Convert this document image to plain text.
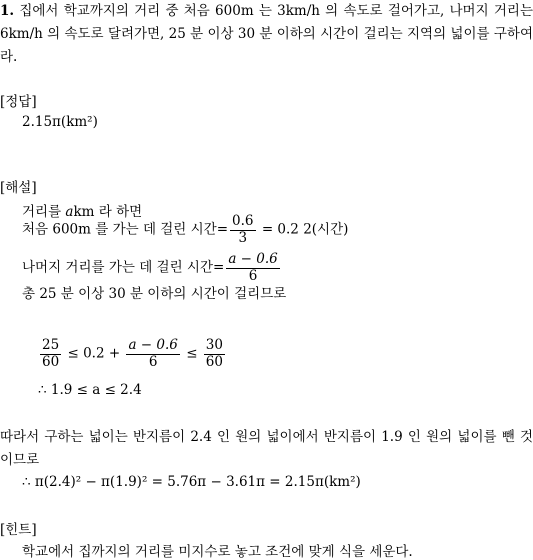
1. 집에서 학교까지의 거리 중 처음 600m 는 3km/h 의 속도로 걸어가고, 나머지 거리는 6km/h 의 속도로 달려가면, 25 분 이상 30 분 이하의 시간이 걸리는 지역의 넓이를 구하여라.
[정답]
2.15π(km²)
[해설]
거리를 akm 라 하면
처음 600m 를 가는 데 걸린 시간= $\frac{0.6}{3} = 0.2$ 2(시간)
나머지 거리를 가는 데 걸린 시간= $\frac{a - 0.6}{6}$
총 25 분 이상 30 분 이하의 시간이 걸리므로
$\frac{25}{60} \le 0.2 + \frac{a - 0.6}{6} \le \frac{30}{60}$
∴ 1.9 ≤ a ≤ 2.4
따라서 구하는 넓이는 반지름이 2.4 인 원의 넓이에서 반지름이 1.9 인 원의 넓이를 뺀 것이므로
∴ π(2.4)² − π(1.9)² = 5.76π − 3.61π = 2.15π(km²)
[힌트]
학교에서 집까지의 거리를 미지수로 놓고 조건에 맞게 식을 세운다.
